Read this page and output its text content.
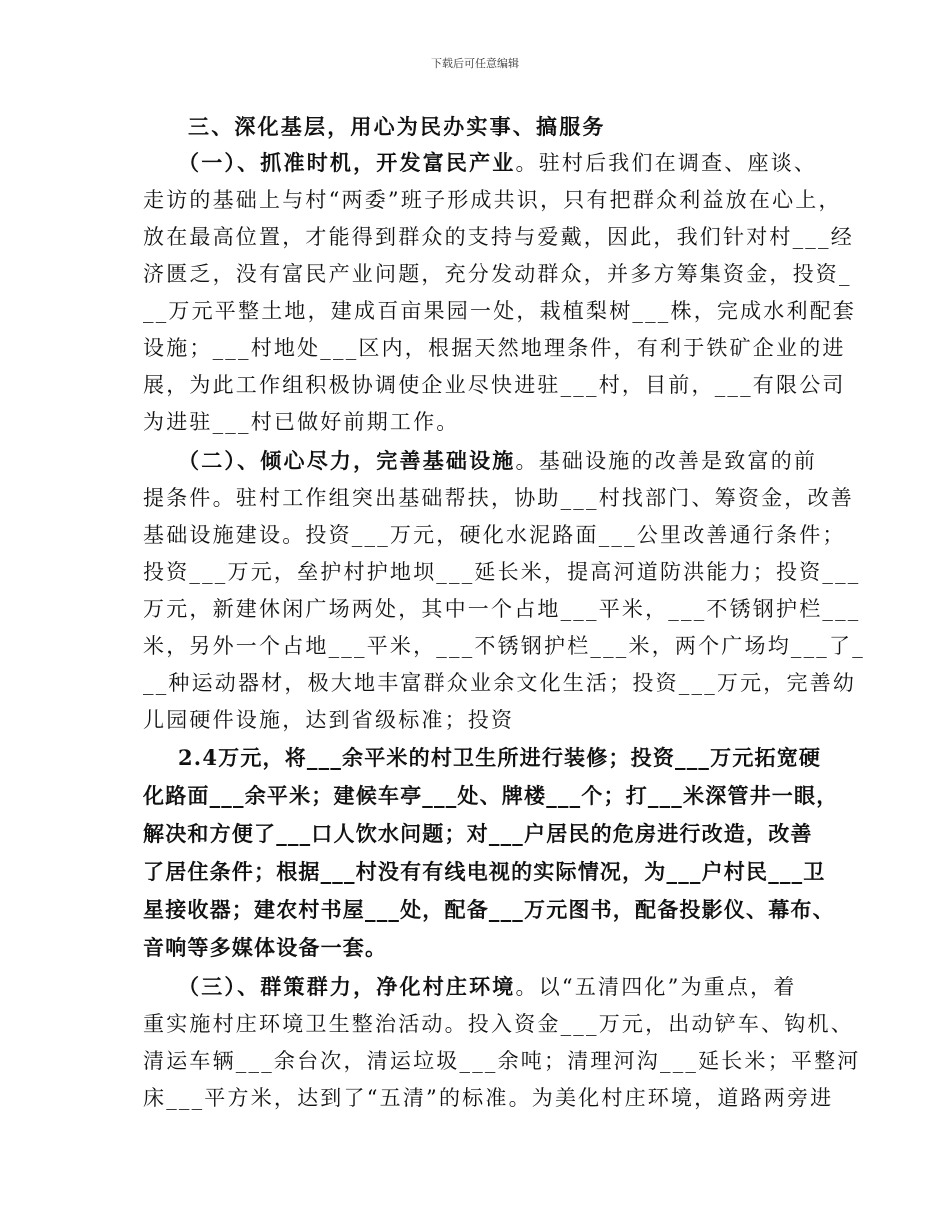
下载后可任意编辑
三、深化基层，用心为民办实事、搞服务
（一）、抓准时机，开发富民产业。驻村后我们在调查、座谈、
走访的基础上与村“两委”班子形成共识，只有把群众利益放在心上，
放在最高位置，才能得到群众的支持与爱戴，因此，我们针对村___经
济匮乏，没有富民产业问题，充分发动群众，并多方筹集资金，投资_
__万元平整土地，建成百亩果园一处，栽植梨树___株，完成水利配套
设施；___村地处___区内，根据天然地理条件，有利于铁矿企业的进
展，为此工作组积极协调使企业尽快进驻___村，目前，___有限公司
为进驻___村已做好前期工作。
（二）、倾心尽力，完善基础设施。基础设施的改善是致富的前
提条件。驻村工作组突出基础帮扶，协助___村找部门、筹资金，改善
基础设施建设。投资___万元，硬化水泥路面___公里改善通行条件；
投资___万元，垒护村护地坝___延长米，提高河道防洪能力；投资___
万元，新建休闲广场两处，其中一个占地___平米，___不锈钢护栏___
米，另外一个占地___平米，___不锈钢护栏___米，两个广场均___了_
__种运动器材，极大地丰富群众业余文化生活；投资___万元，完善幼
儿园硬件设施，达到省级标准；投资
2.4万元，将___余平米的村卫生所进行装修；投资___万元拓宽硬
化路面___余平米；建候车亭___处、牌楼___个；打___米深管井一眼，
解决和方便了___口人饮水问题；对___户居民的危房进行改造，改善
了居住条件；根据___村没有有线电视的实际情况，为___户村民___卫
星接收器；建农村书屋___处，配备___万元图书，配备投影仪、幕布、
音响等多媒体设备一套。
（三）、群策群力，净化村庄环境。以“五清四化”为重点，着
重实施村庄环境卫生整治活动。投入资金___万元，出动铲车、钩机、
清运车辆___余台次，清运垃圾___余吨；清理河沟___延长米；平整河
床___平方米，达到了“五清”的标准。为美化村庄环境，道路两旁进
